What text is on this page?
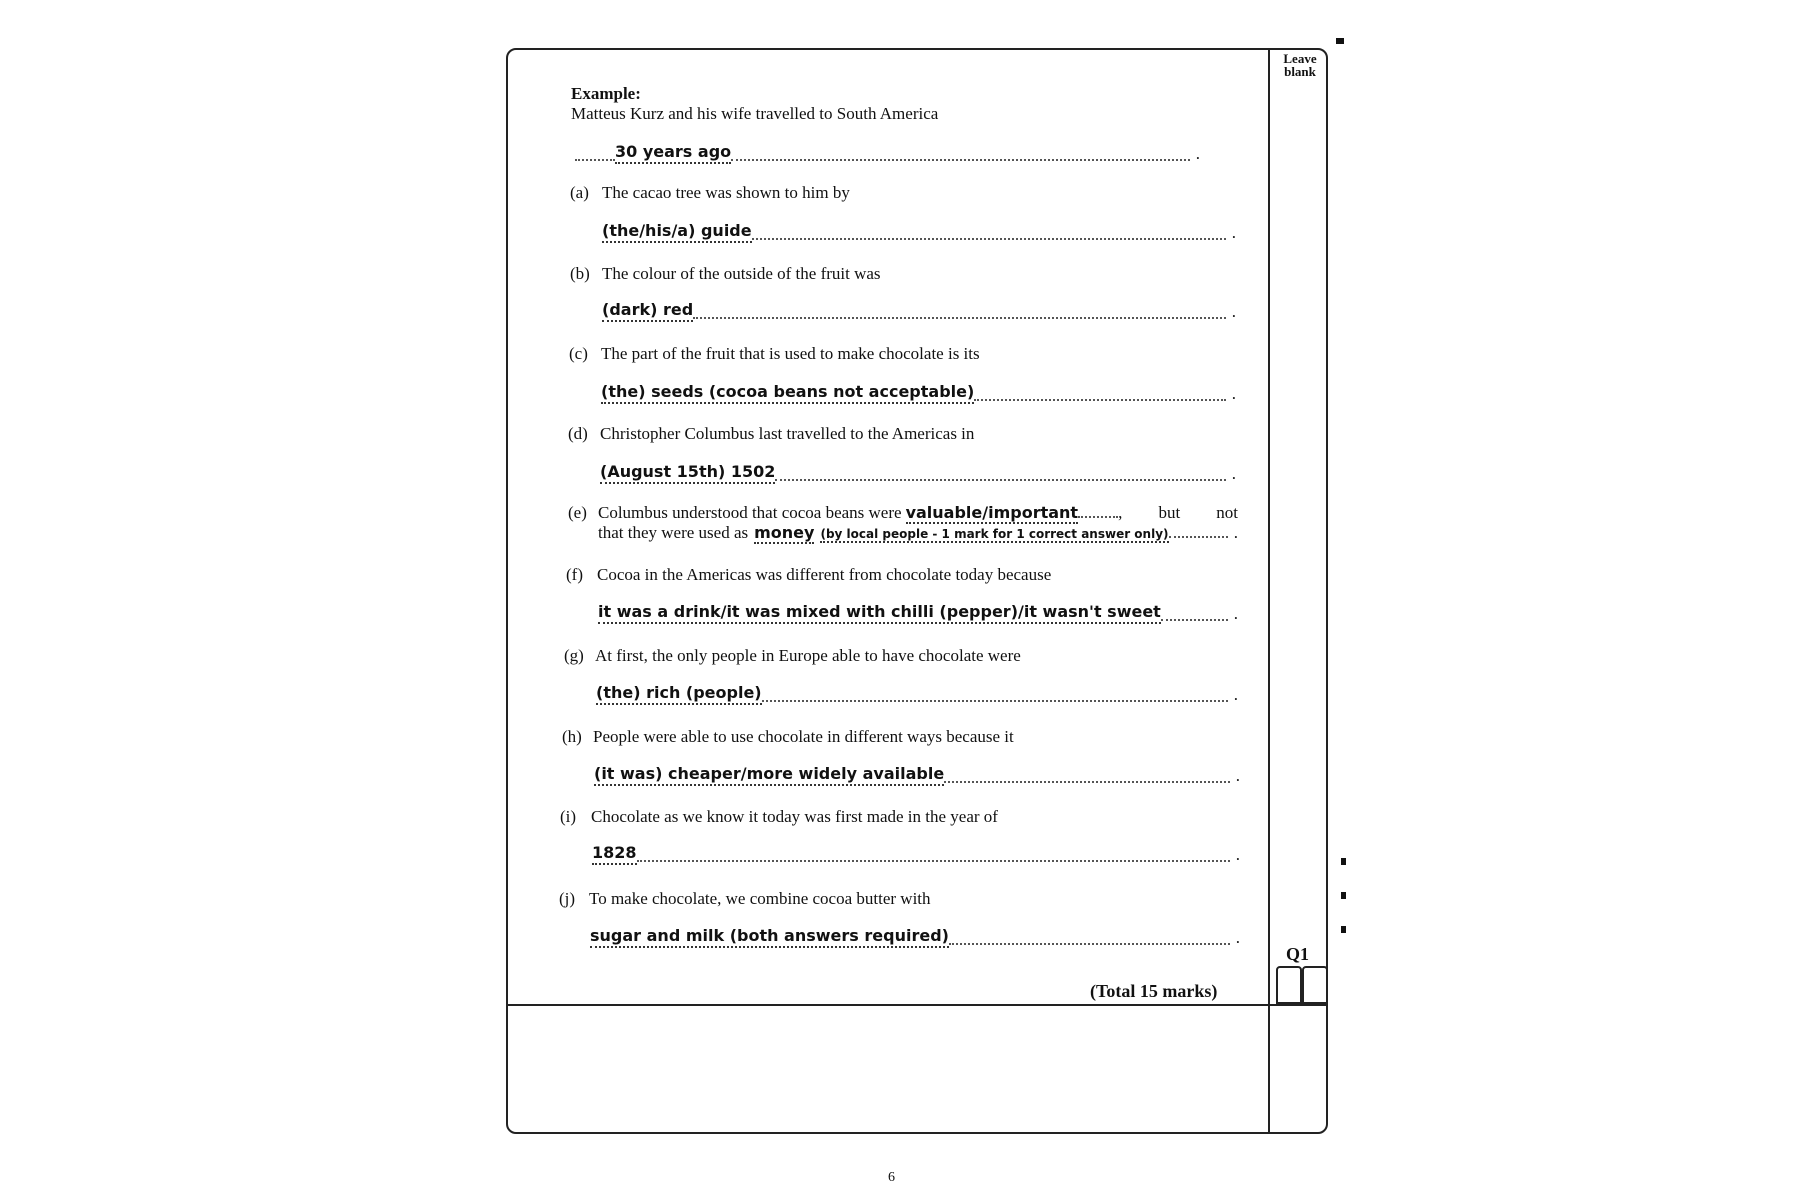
Leave blank
Example:
Matteus Kurz and his wife travelled to South America
30 years ago	.
(a) The cacao tree was shown to him by
(the/his/a) guide	.
(b) The colour of the outside of the fruit was
(dark) red	.
(c) The part of the fruit that is used to make chocolate is its
(the) seeds (cocoa beans not acceptable)	.
(d) Christopher Columbus last travelled to the Americas in
(August 15th) 1502	.
(e) Columbus understood that cocoa beans were valuable/important , but not
that they were used as money (by local people - 1 mark for 1 correct answer only)	.
(f) Cocoa in the Americas was different from chocolate today because
it was a drink/it was mixed with chilli (pepper)/it wasn't sweet	.
(g) At first, the only people in Europe able to have chocolate were
(the) rich (people)	.
(h) People were able to use chocolate in different ways because it
(it was) cheaper/more widely available	.
(i) Chocolate as we know it today was first made in the year of
1828	.
(j) To make chocolate, we combine cocoa butter with
sugar and milk (both answers required)	.
Q1
(Total 15 marks)
6
